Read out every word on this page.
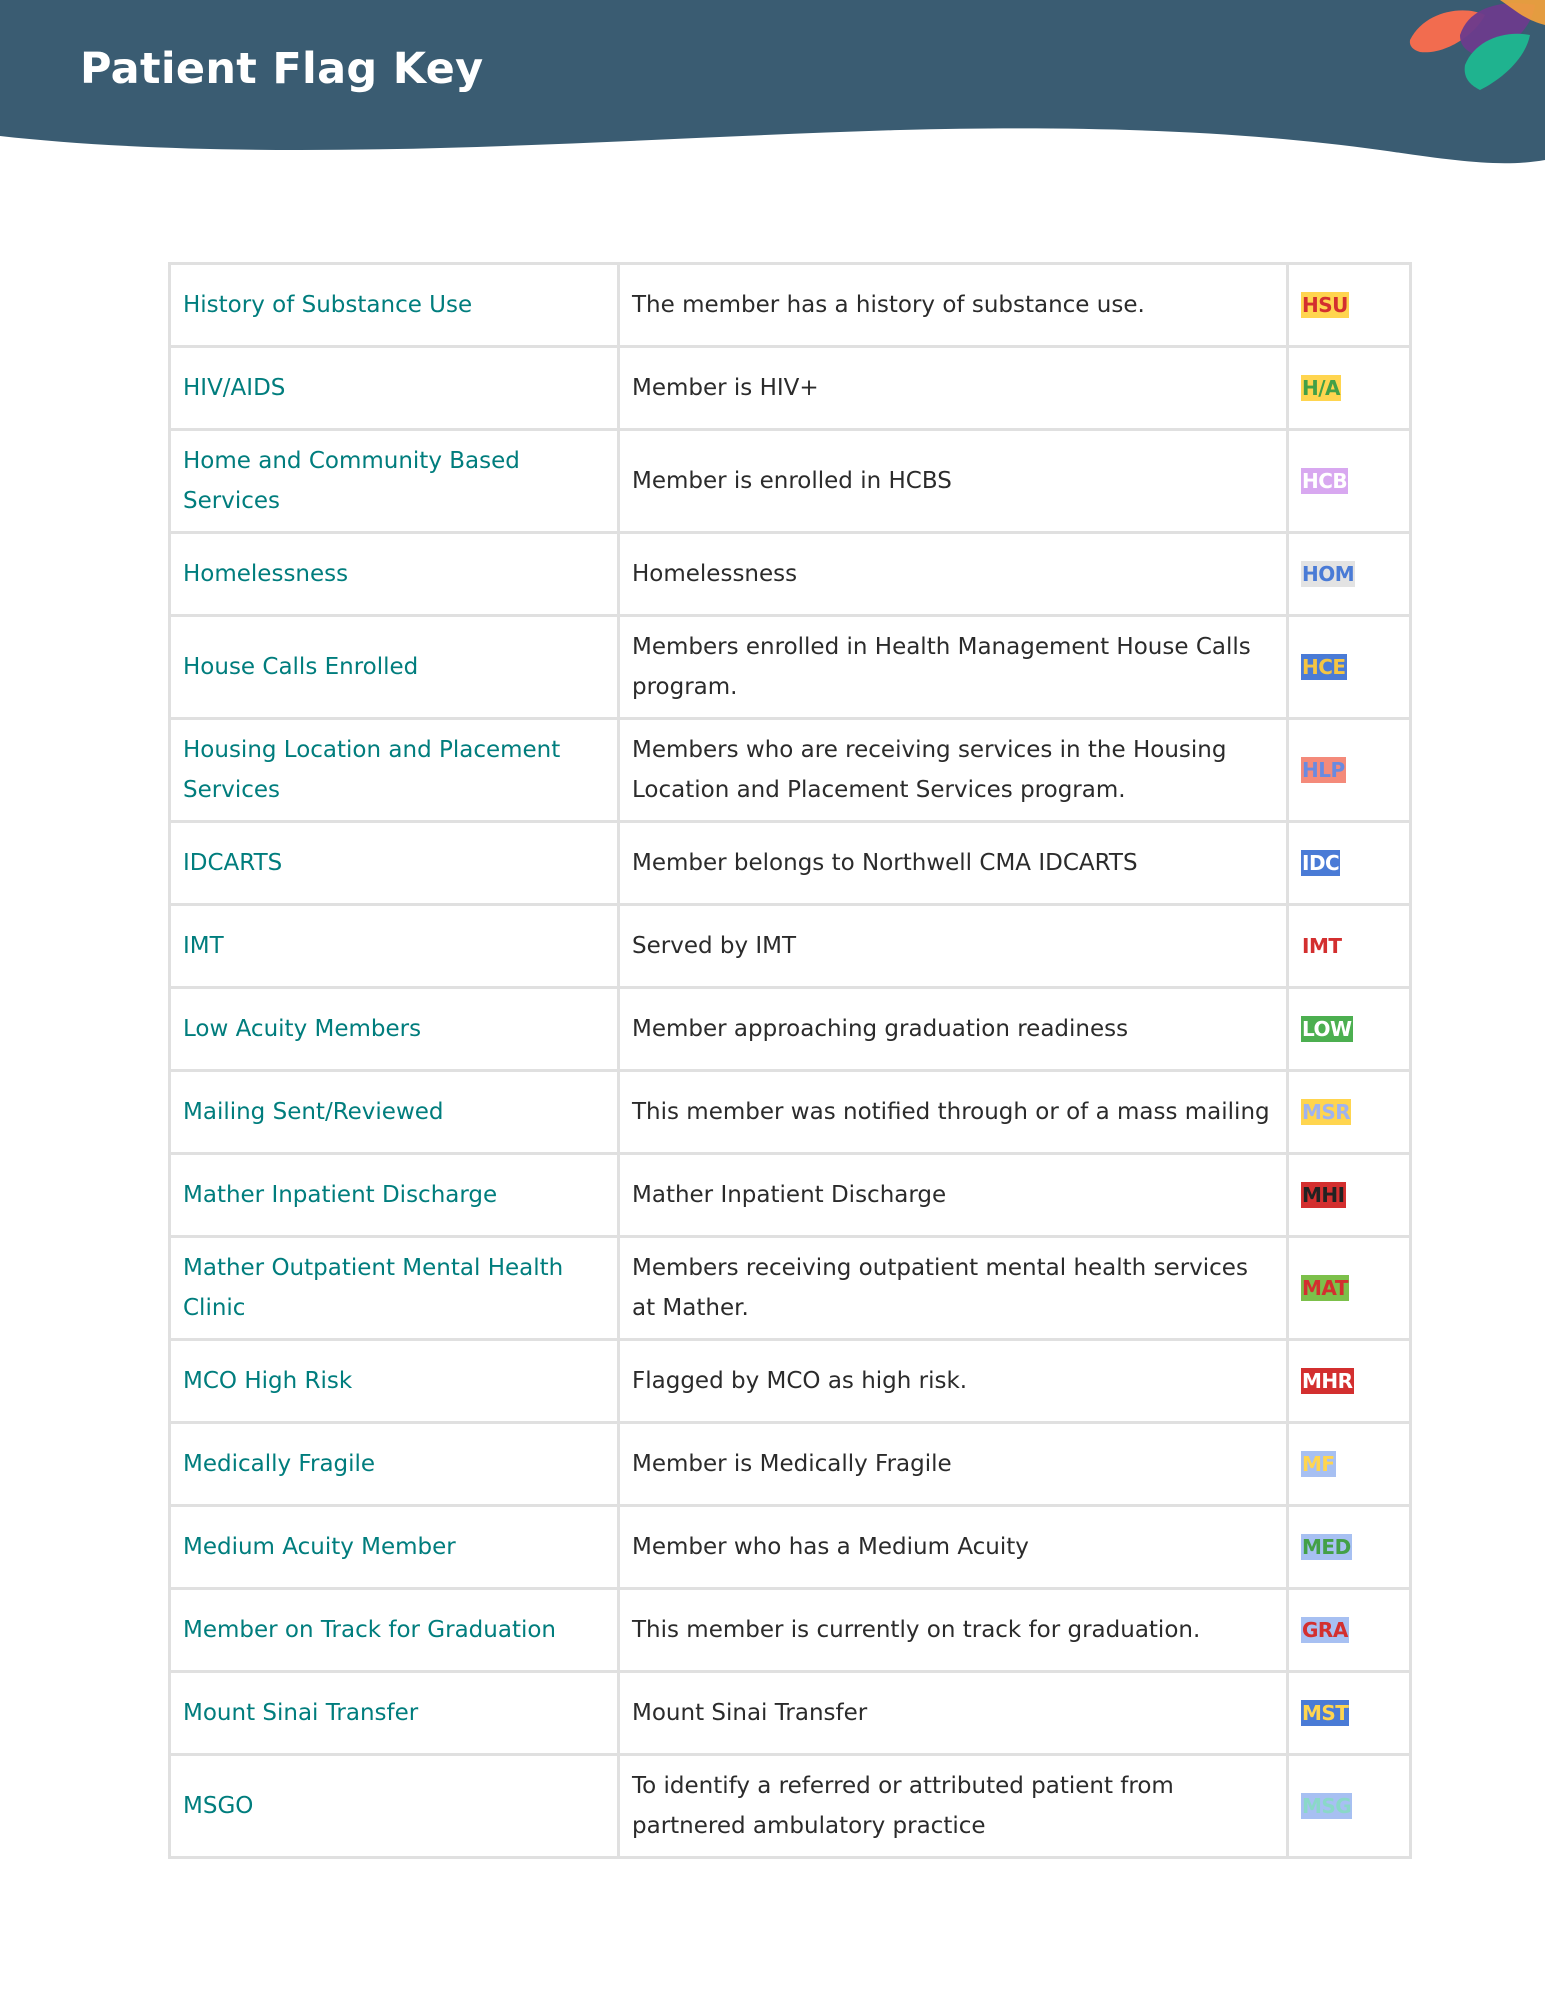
Patient Flag Key
History of Substance Use	The member has a history of substance use.	HSU
HIV/AIDS	Member is HIV+	H/A
Home and Community Based Services	Member is enrolled in HCBS	HCB
Homelessness	Homelessness	HOM
House Calls Enrolled	Members enrolled in Health Management House Calls program.	HCE
Housing Location and Placement Services	Members who are receiving services in the Housing Location and Placement Services program.	HLP
IDCARTS	Member belongs to Northwell CMA IDCARTS	IDC
IMT	Served by IMT	IMT
Low Acuity Members	Member approaching graduation readiness	LOW
Mailing Sent/Reviewed	This member was notified through or of a mass mailing	MSR
Mather Inpatient Discharge	Mather Inpatient Discharge	MHI
Mather Outpatient Mental Health Clinic	Members receiving outpatient mental health services at Mather.	MAT
MCO High Risk	Flagged by MCO as high risk.	MHR
Medically Fragile	Member is Medically Fragile	MF
Medium Acuity Member	Member who has a Medium Acuity	MED
Member on Track for Graduation	This member is currently on track for graduation.	GRA
Mount Sinai Transfer	Mount Sinai Transfer	MST
MSGO	To identify a referred or attributed patient from partnered ambulatory practice	MSG
